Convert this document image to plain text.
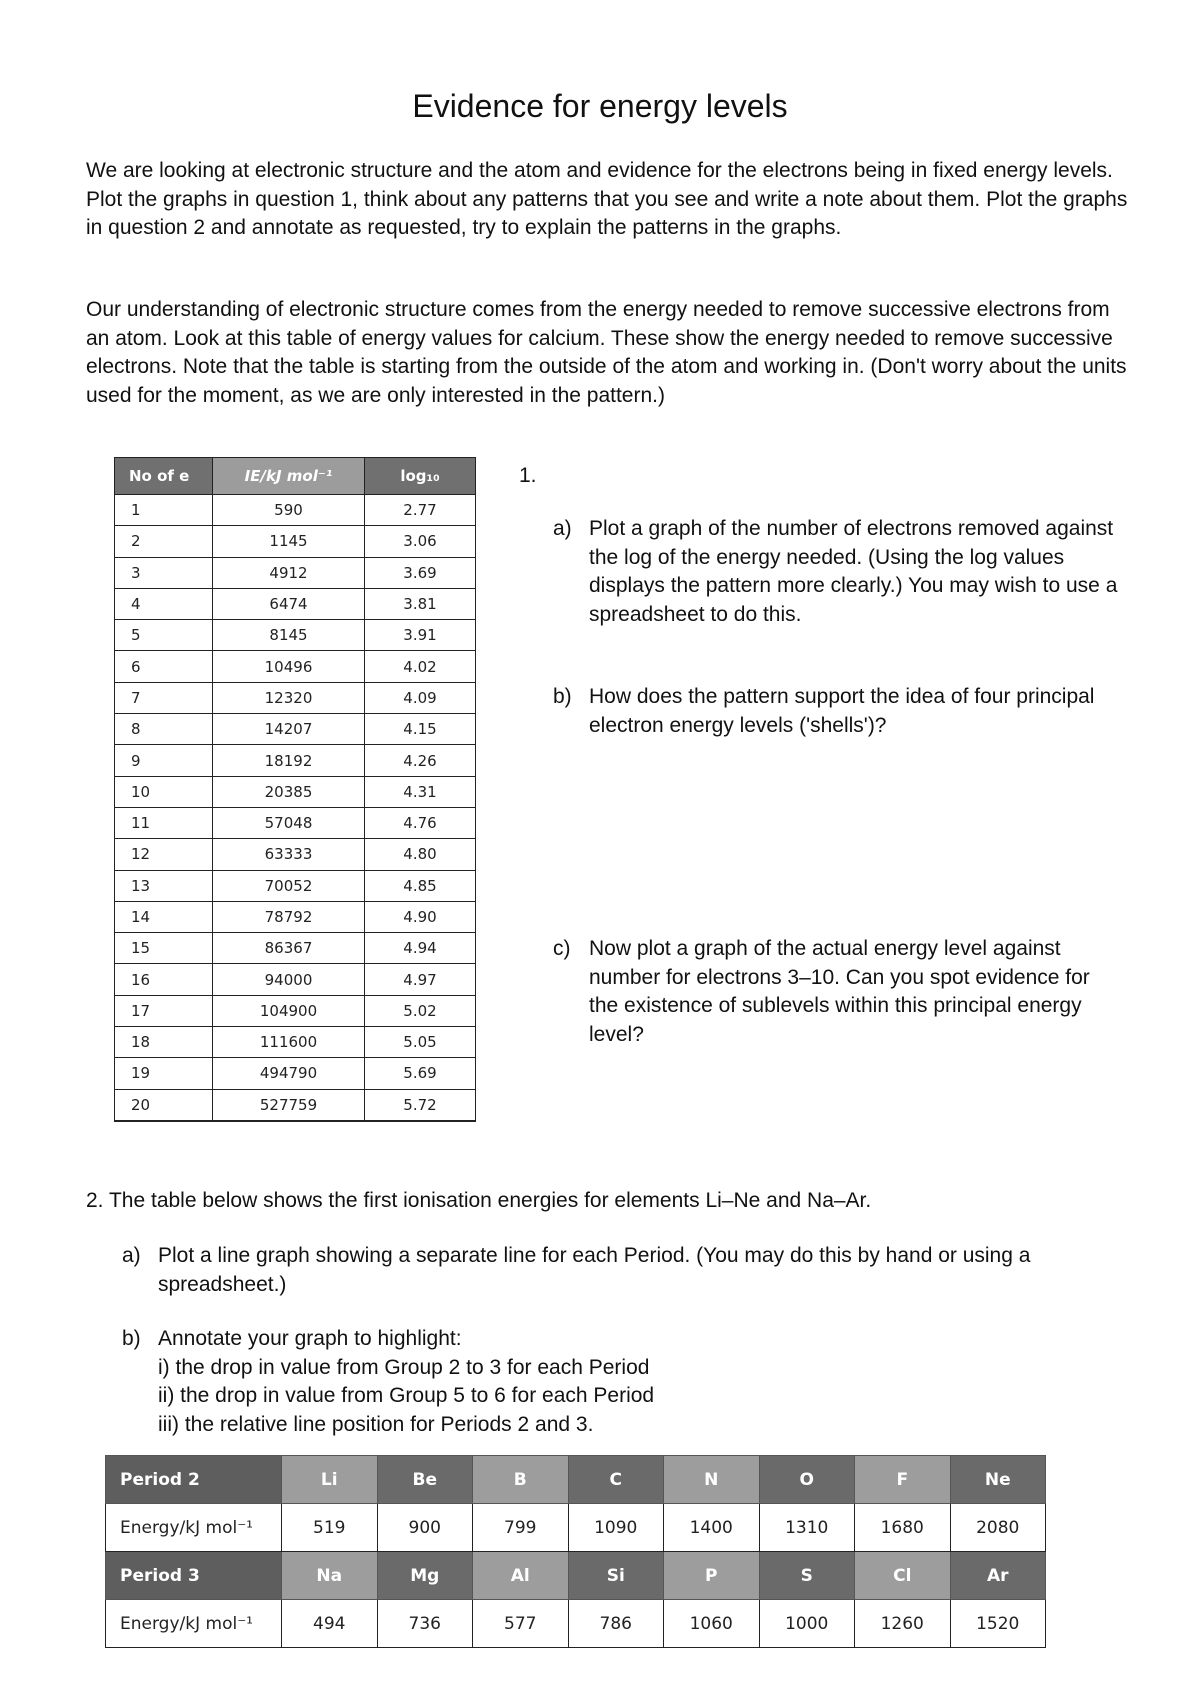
Evidence for energy levels
We are looking at electronic structure and the atom and evidence for the electrons being in fixed energy levels. Plot the graphs in question 1, think about any patterns that you see and write a note about them. Plot the graphs in question 2 and annotate as requested, try to explain the patterns in the graphs.
Our understanding of electronic structure comes from the energy needed to remove successive electrons from an atom. Look at this table of energy values for calcium. These show the energy needed to remove successive electrons. Note that the table is starting from the outside of the atom and working in. (Don't worry about the units used for the moment, as we are only interested in the pattern.)
No of e	IE/kJ mol⁻¹	log₁₀
1	590	2.77
2	1145	3.06
3	4912	3.69
4	6474	3.81
5	8145	3.91
6	10496	4.02
7	12320	4.09
8	14207	4.15
9	18192	4.26
10	20385	4.31
11	57048	4.76
12	63333	4.80
13	70052	4.85
14	78792	4.90
15	86367	4.94
16	94000	4.97
17	104900	5.02
18	111600	5.05
19	494790	5.69
20	527759	5.72
1.
a) Plot a graph of the number of electrons removed against the log of the energy needed. (Using the log values displays the pattern more clearly.) You may wish to use a spreadsheet to do this.
b) How does the pattern support the idea of four principal electron energy levels ('shells')?
c) Now plot a graph of the actual energy level against number for electrons 3–10. Can you spot evidence for the existence of sublevels within this principal energy level?
2. The table below shows the first ionisation energies for elements Li–Ne and Na–Ar.
a) Plot a line graph showing a separate line for each Period. (You may do this by hand or using a spreadsheet.)
b) Annotate your graph to highlight:
i) the drop in value from Group 2 to 3 for each Period
ii) the drop in value from Group 5 to 6 for each Period
iii) the relative line position for Periods 2 and 3.
Period 2	Li	Be	B	C	N	O	F	Ne
Energy/kJ mol⁻¹	519	900	799	1090	1400	1310	1680	2080
Period 3	Na	Mg	Al	Si	P	S	Cl	Ar
Energy/kJ mol⁻¹	494	736	577	786	1060	1000	1260	1520
